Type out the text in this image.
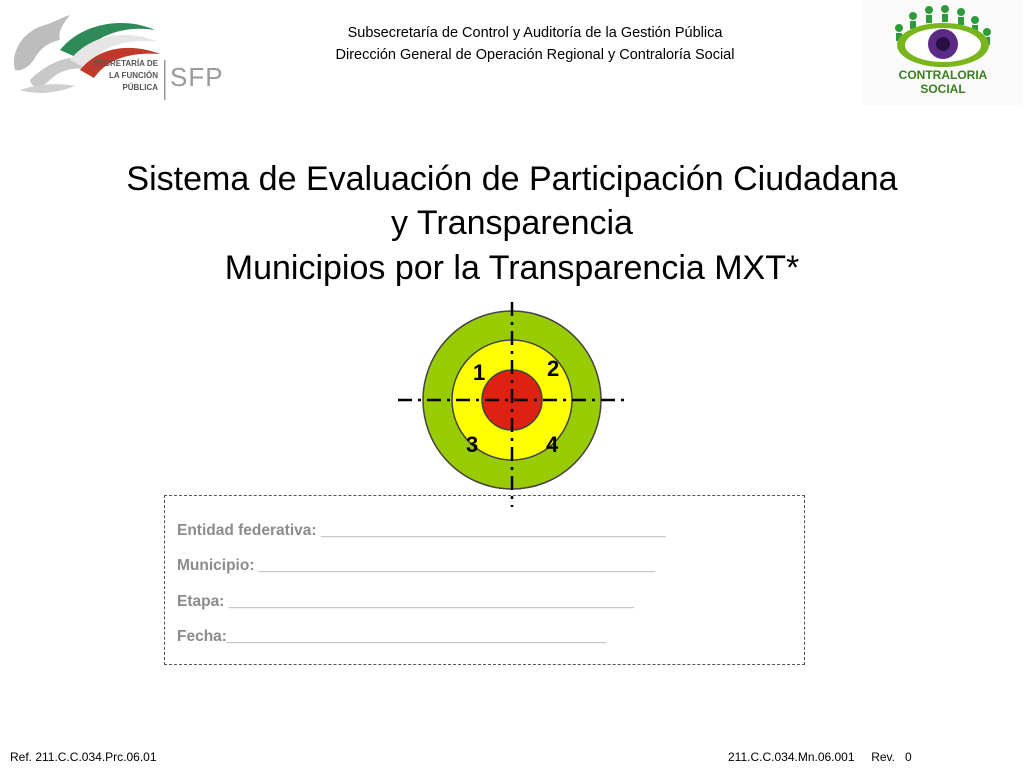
SECRETARÍA DE
LA FUNCIÓN
PÚBLICA SFP
Subsecretaría de Control y Auditoría de la Gestión Pública
Dirección General de Operación Regional y Contraloría Social
CONTRALORIA
SOCIAL
Sistema de Evaluación de Participación Ciudadana
y Transparencia
Municipios por la Transparencia MXT*
1	2
3	4
Entidad federativa: ________________________________________
Municipio: ______________________________________________
Etapa: _______________________________________________
Fecha:____________________________________________
Ref. 211.C.C.034.Prc.06.01	211.C.C.034.Mn.06.001     Rev.   0
